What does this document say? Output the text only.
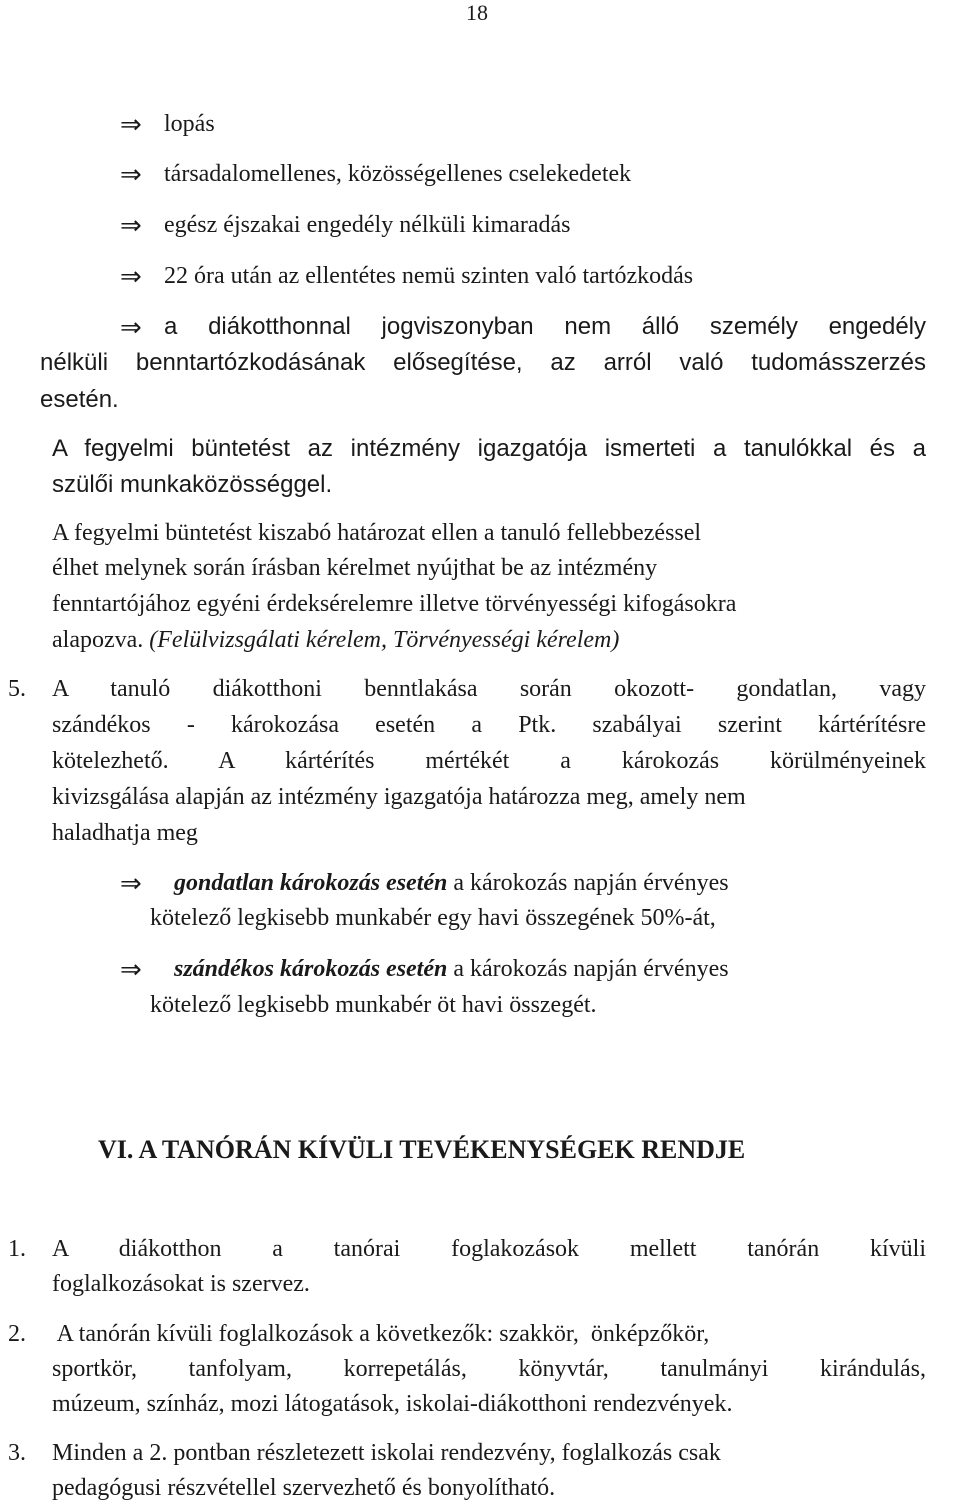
18
⇒ lopás
⇒ társadalomellenes, közösségellenes cselekedetek
⇒ egész éjszakai engedély nélküli kimaradás
⇒ 22 óra után az ellentétes nemü szinten való tartózkodás
⇒ a diákotthonnal jogviszonyban nem álló személy engedély
nélküli benntartózkodásának elősegítése, az arról való tudomásszerzés
esetén.
A fegyelmi büntetést az intézmény igazgatója ismerteti a tanulókkal és a
szülői munkaközösséggel.
A fegyelmi büntetést kiszabó határozat ellen a tanuló fellebbezéssel
élhet melynek során írásban kérelmet nyújthat be az intézmény
fenntartójához egyéni érdeksérelemre illetve törvényességi kifogásokra
alapozva. (Felülvizsgálati kérelem, Törvényességi kérelem)
5. A tanuló diákotthoni benntlakása során okozott- gondatlan, vagy
szándékos - károkozása esetén a Ptk. szabályai szerint kártérítésre
kötelezhető. A kártérítés mértékét a károkozás körülményeinek
kivizsgálása alapján az intézmény igazgatója határozza meg, amely nem
haladhatja meg
⇒ gondatlan károkozás esetén a károkozás napján érvényes
kötelező legkisebb munkabér egy havi összegének 50%-át,
⇒ szándékos károkozás esetén a károkozás napján érvényes
kötelező legkisebb munkabér öt havi összegét.
VI. A TANÓRÁN KÍVÜLI TEVÉKENYSÉGEK RENDJE
1. A diákotthon a tanórai foglakozások mellett tanórán kívüli
foglalkozásokat is szervez.
2. A tanórán kívüli foglalkozások a következők: szakkör,  önképzőkör,
sportkör, tanfolyam, korrepetálás, könyvtár, tanulmányi kirándulás,
múzeum, színház, mozi látogatások, iskolai-diákotthoni rendezvények.
3. Minden a 2. pontban részletezett iskolai rendezvény, foglalkozás csak
pedagógusi részvétellel szervezhető és bonyolítható.
